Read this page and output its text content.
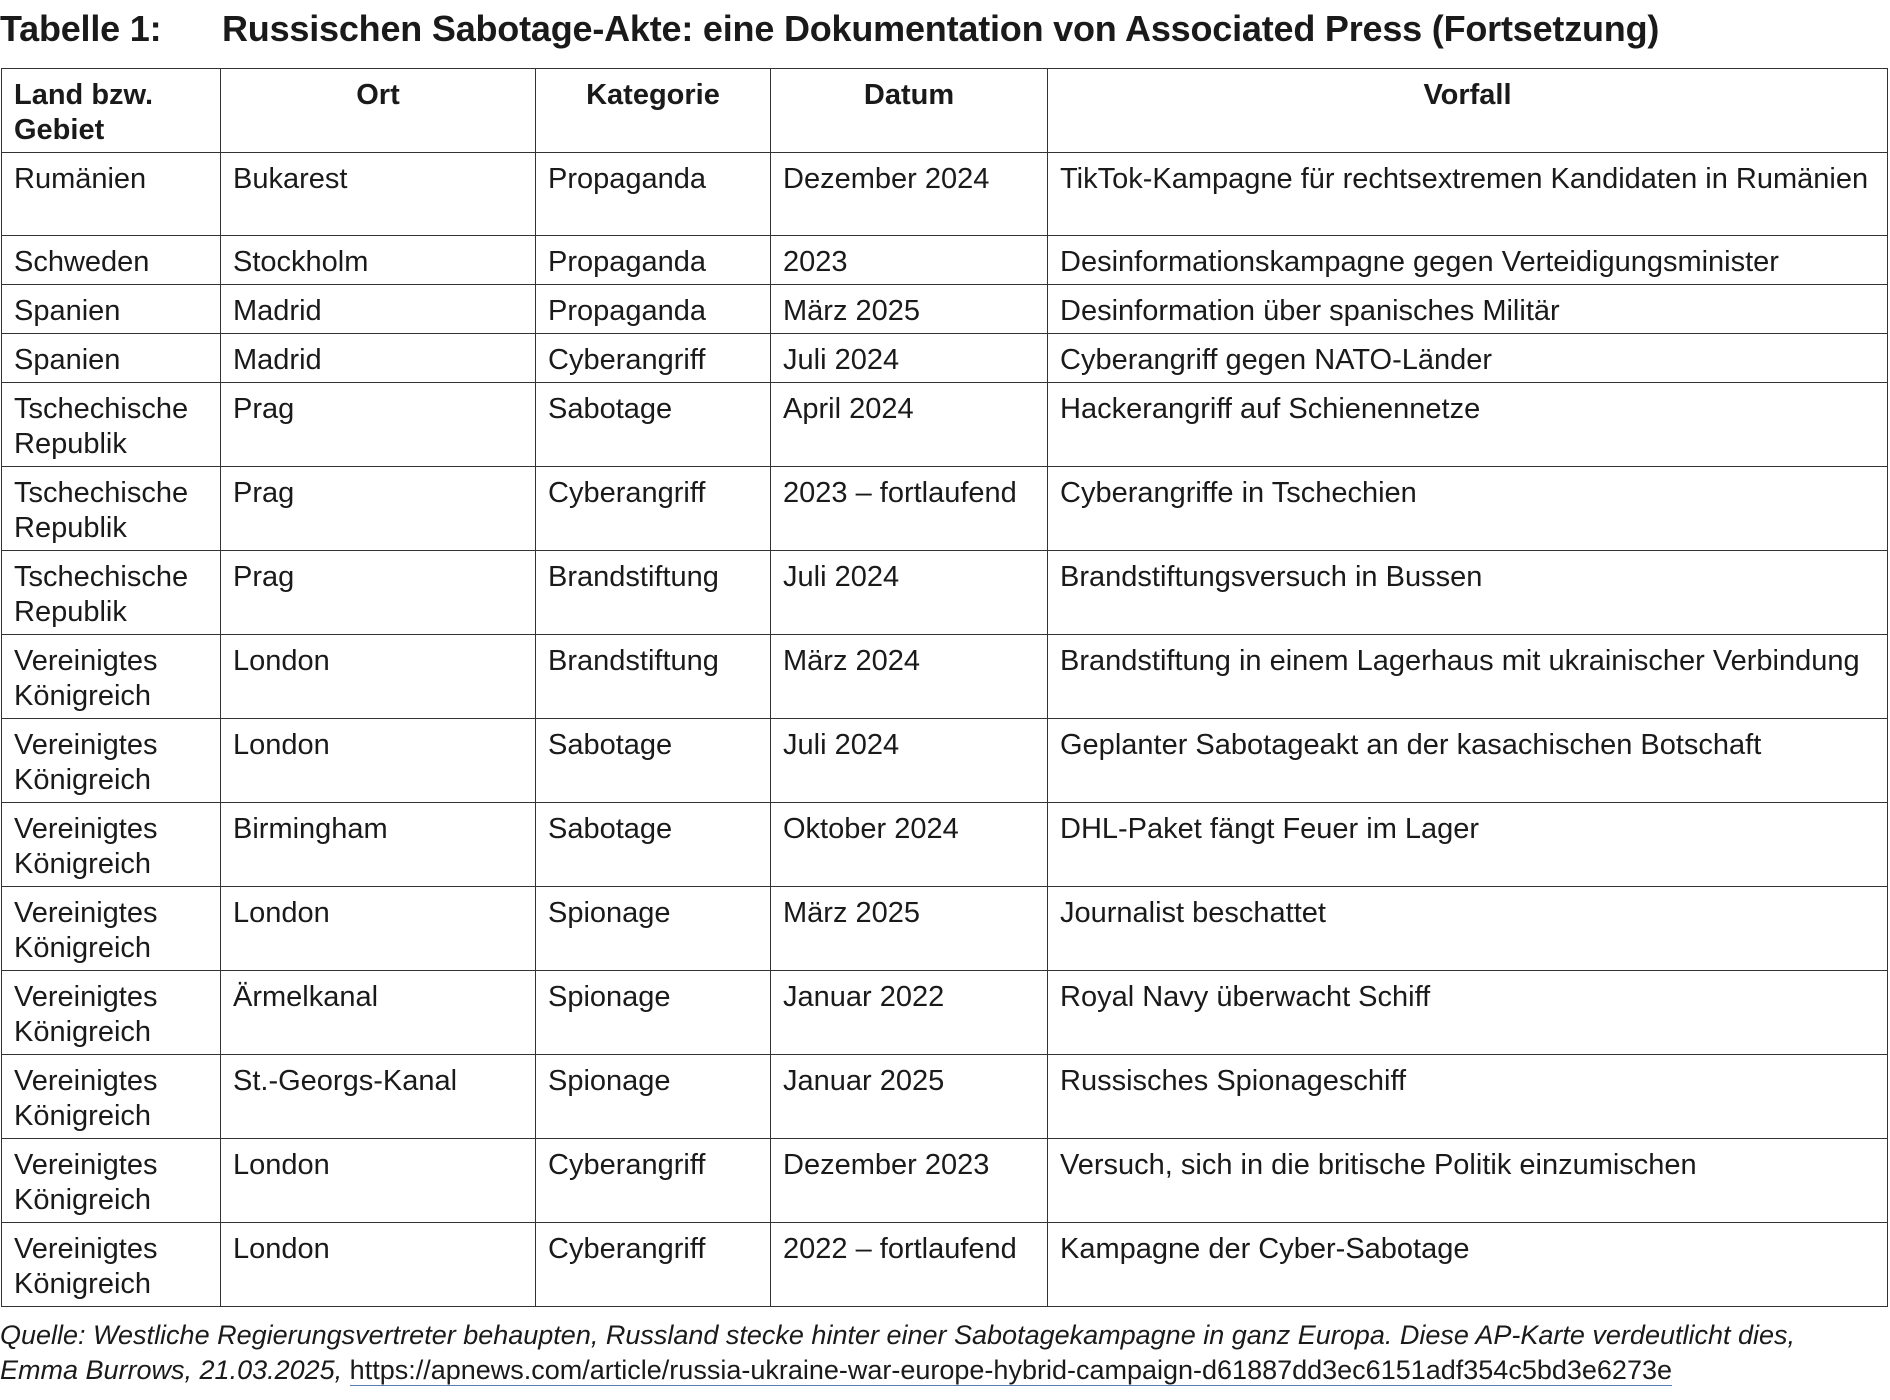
Tabelle 1: Russischen Sabotage-Akte: eine Dokumentation von Associated Press (Fortsetzung)
Land bzw. Gebiet	Ort	Kategorie	Datum	Vorfall
Rumänien	Bukarest	Propaganda	Dezember 2024	TikTok-Kampagne für rechtsextremen Kandidaten in Rumänien
Schweden	Stockholm	Propaganda	2023	Desinformationskampagne gegen Verteidigungsminister
Spanien	Madrid	Propaganda	März 2025	Desinformation über spanisches Militär
Spanien	Madrid	Cyberangriff	Juli 2024	Cyberangriff gegen NATO-Länder
Tschechische Republik	Prag	Sabotage	April 2024	Hackerangriff auf Schienennetze
Tschechische Republik	Prag	Cyberangriff	2023 – fortlaufend	Cyberangriffe in Tschechien
Tschechische Republik	Prag	Brandstiftung	Juli 2024	Brandstiftungsversuch in Bussen
Vereinigtes Königreich	London	Brandstiftung	März 2024	Brandstiftung in einem Lagerhaus mit ukrainischer Verbindung
Vereinigtes Königreich	London	Sabotage	Juli 2024	Geplanter Sabotageakt an der kasachischen Botschaft
Vereinigtes Königreich	Birmingham	Sabotage	Oktober 2024	DHL-Paket fängt Feuer im Lager
Vereinigtes Königreich	London	Spionage	März 2025	Journalist beschattet
Vereinigtes Königreich	Ärmelkanal	Spionage	Januar 2022	Royal Navy überwacht Schiff
Vereinigtes Königreich	St.-Georgs-Kanal	Spionage	Januar 2025	Russisches Spionageschiff
Vereinigtes Königreich	London	Cyberangriff	Dezember 2023	Versuch, sich in die britische Politik einzumischen
Vereinigtes Königreich	London	Cyberangriff	2022 – fortlaufend	Kampagne der Cyber-Sabotage
Quelle: Westliche Regierungsvertreter behaupten, Russland stecke hinter einer Sabotagekampagne in ganz Europa. Diese AP-Karte verdeutlicht dies,
Emma Burrows, 21.03.2025, https://apnews.com/article/russia-ukraine-war-europe-hybrid-campaign-d61887dd3ec6151adf354c5bd3e6273e
